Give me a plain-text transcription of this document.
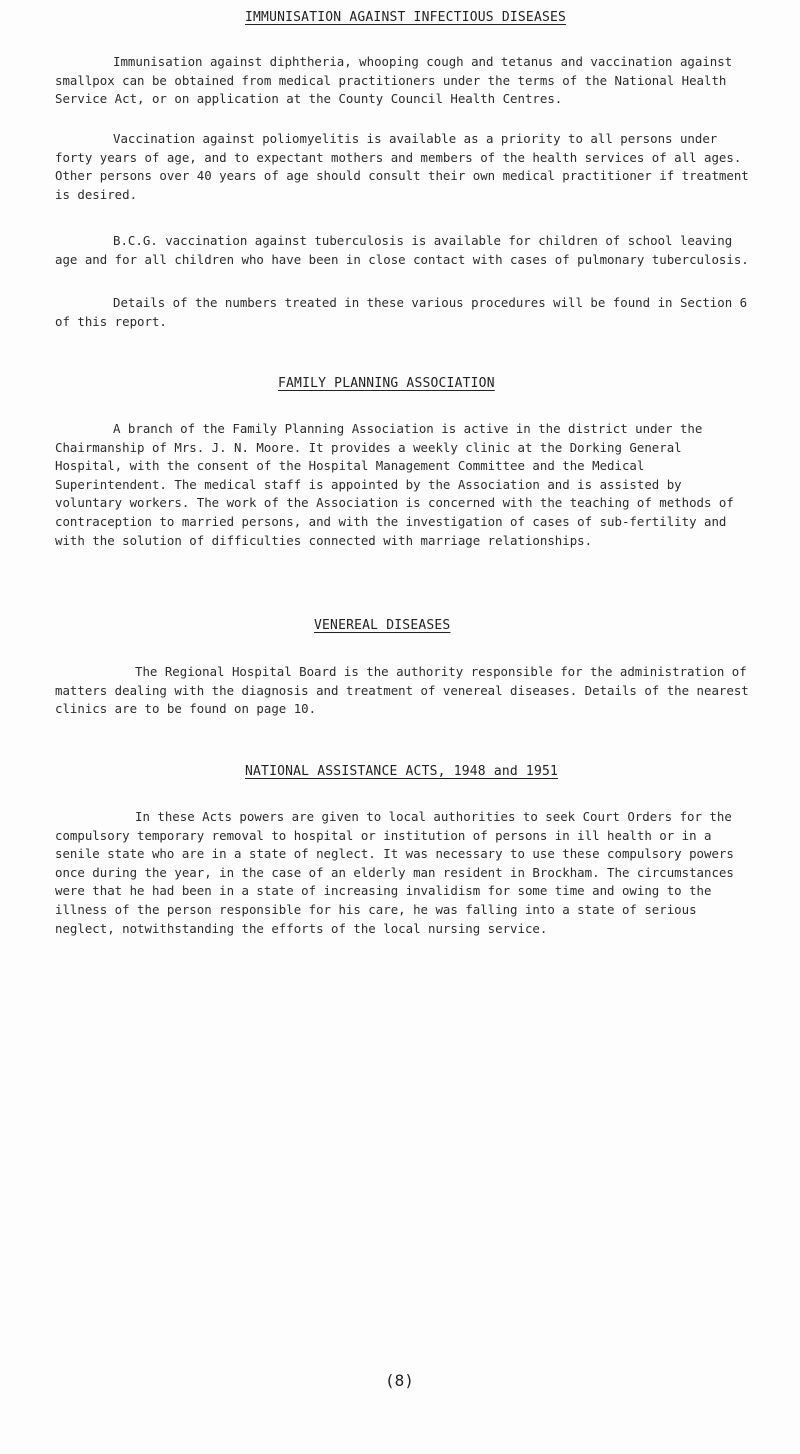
IMMUNISATION AGAINST INFECTIOUS DISEASES

Immunisation against diphtheria, whooping cough and tetanus and vaccination against smallpox can be obtained from medical practitioners under the terms of the National Health Service Act, or on application at the County Council Health Centres.

Vaccination against poliomyelitis is available as a priority to all persons under forty years of age, and to expectant mothers and members of the health services of all ages. Other persons over 40 years of age should consult their own medical practitioner if treatment is desired.

B.C.G. vaccination against tuberculosis is available for children of school leaving age and for all children who have been in close contact with cases of pulmonary tuberculosis.

Details of the numbers treated in these various procedures will be found in Section 6 of this report.

FAMILY PLANNING ASSOCIATION

A branch of the Family Planning Association is active in the district under the Chairmanship of Mrs. J. N. Moore. It provides a weekly clinic at the Dorking General Hospital, with the consent of the Hospital Management Committee and the Medical Superintendent. The medical staff is appointed by the Association and is assisted by voluntary workers. The work of the Association is concerned with the teaching of methods of contraception to married persons, and with the investigation of cases of sub-fertility and with the solution of difficulties connected with marriage relationships.

VENEREAL DISEASES

The Regional Hospital Board is the authority responsible for the administration of matters dealing with the diagnosis and treatment of venereal diseases. Details of the nearest clinics are to be found on page 10.

NATIONAL ASSISTANCE ACTS, 1948 and 1951

In these Acts powers are given to local authorities to seek Court Orders for the compulsory temporary removal to hospital or institution of persons in ill health or in a senile state who are in a state of neglect. It was necessary to use these compulsory powers once during the year, in the case of an elderly man resident in Brockham. The circumstances were that he had been in a state of increasing invalidism for some time and owing to the illness of the person responsible for his care, he was falling into a state of serious neglect, notwithstanding the efforts of the local nursing service.

(8)
